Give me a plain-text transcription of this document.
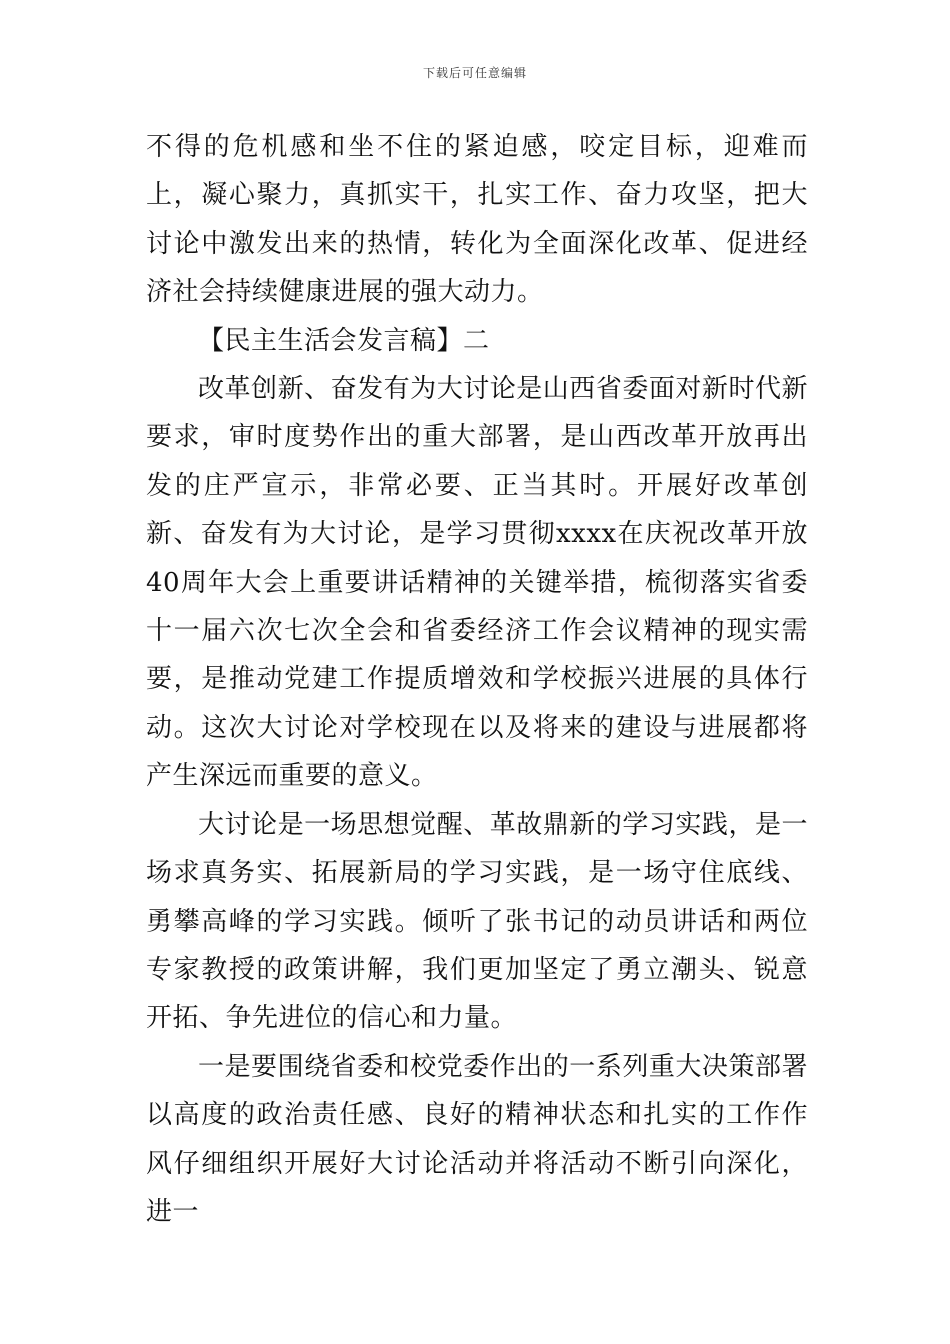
下载后可任意编辑

不得的危机感和坐不住的紧迫感，咬定目标，迎难而上，凝心聚力，真抓实干，扎实工作、奋力攻坚，把大讨论中激发出来的热情，转化为全面深化改革、促进经济社会持续健康进展的强大动力。

【民主生活会发言稿】二

改革创新、奋发有为大讨论是山西省委面对新时代新要求，审时度势作出的重大部署，是山西改革开放再出发的庄严宣示，非常必要、正当其时。开展好改革创新、奋发有为大讨论，是学习贯彻xxxx在庆祝改革开放40周年大会上重要讲话精神的关键举措，梳彻落实省委十一届六次七次全会和省委经济工作会议精神的现实需要，是推动党建工作提质增效和学校振兴进展的具体行动。这次大讨论对学校现在以及将来的建设与进展都将产生深远而重要的意义。

大讨论是一场思想觉醒、革故鼎新的学习实践，是一场求真务实、拓展新局的学习实践，是一场守住底线、勇攀高峰的学习实践。倾听了张书记的动员讲话和两位专家教授的政策讲解，我们更加坚定了勇立潮头、锐意开拓、争先进位的信心和力量。

一是要围绕省委和校党委作出的一系列重大决策部署以高度的政治责任感、良好的精神状态和扎实的工作作风仔细组织开展好大讨论活动并将活动不断引向深化，进一
